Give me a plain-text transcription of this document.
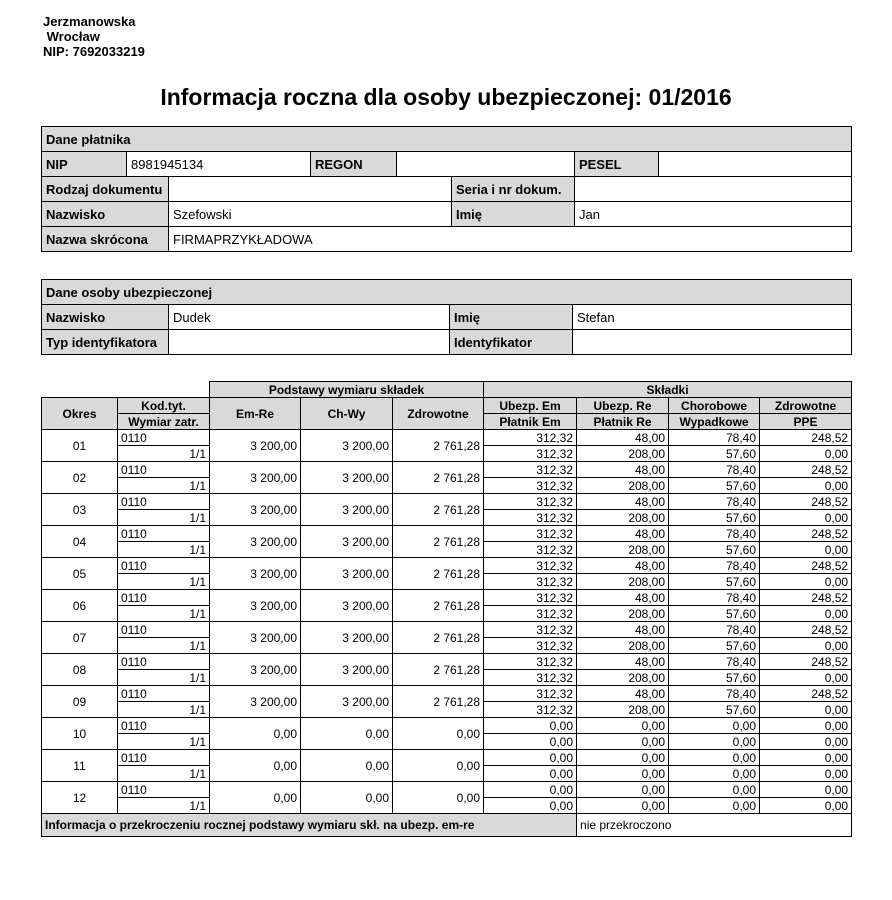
Jerzmanowska
Wrocław
NIP: 7692033219
Informacja roczna dla osoby ubezpieczonej: 01/2016
Dane płatnika							
NIP	8981945134		REGON			PESEL	
Rodzaj dokumentu					Seria i nr dokum.		
Nazwisko		Szefowski			Imię	Jan	
Nazwa skrócona		FIRMAPRZYKŁADOWA					
Dane osoby ubezpieczonej			
Nazwisko	Dudek	Imię	Stefan
Typ identyfikatora		Identyfikator	
		Podstawy wymiaru składek			Składki			
Okres	Kod.tyt.	Em-Re	Ch-Wy	Zdrowotne	Ubezp. Em	Ubezp. Re	Chorobowe	Zdrowotne
	Wymiar zatr.				Płatnik Em	Płatnik Re	Wypadkowe	PPE
01	0110	3 200,00	3 200,00	2 761,28	312,32	48,00	78,40	248,52
	1/1				312,32	208,00	57,60	0,00
02	0110	3 200,00	3 200,00	2 761,28	312,32	48,00	78,40	248,52
	1/1				312,32	208,00	57,60	0,00
03	0110	3 200,00	3 200,00	2 761,28	312,32	48,00	78,40	248,52
	1/1				312,32	208,00	57,60	0,00
04	0110	3 200,00	3 200,00	2 761,28	312,32	48,00	78,40	248,52
	1/1				312,32	208,00	57,60	0,00
05	0110	3 200,00	3 200,00	2 761,28	312,32	48,00	78,40	248,52
	1/1				312,32	208,00	57,60	0,00
06	0110	3 200,00	3 200,00	2 761,28	312,32	48,00	78,40	248,52
	1/1				312,32	208,00	57,60	0,00
07	0110	3 200,00	3 200,00	2 761,28	312,32	48,00	78,40	248,52
	1/1				312,32	208,00	57,60	0,00
08	0110	3 200,00	3 200,00	2 761,28	312,32	48,00	78,40	248,52
	1/1				312,32	208,00	57,60	0,00
09	0110	3 200,00	3 200,00	2 761,28	312,32	48,00	78,40	248,52
	1/1				312,32	208,00	57,60	0,00
10	0110	0,00	0,00	0,00	0,00	0,00	0,00	0,00
	1/1				0,00	0,00	0,00	0,00
11	0110	0,00	0,00	0,00	0,00	0,00	0,00	0,00
	1/1				0,00	0,00	0,00	0,00
12	0110	0,00	0,00	0,00	0,00	0,00	0,00	0,00
	1/1				0,00	0,00	0,00	0,00
Informacja o przekroczeniu rocznej podstawy wymiaru skł. na ubezp. em-re						nie przekroczono		
